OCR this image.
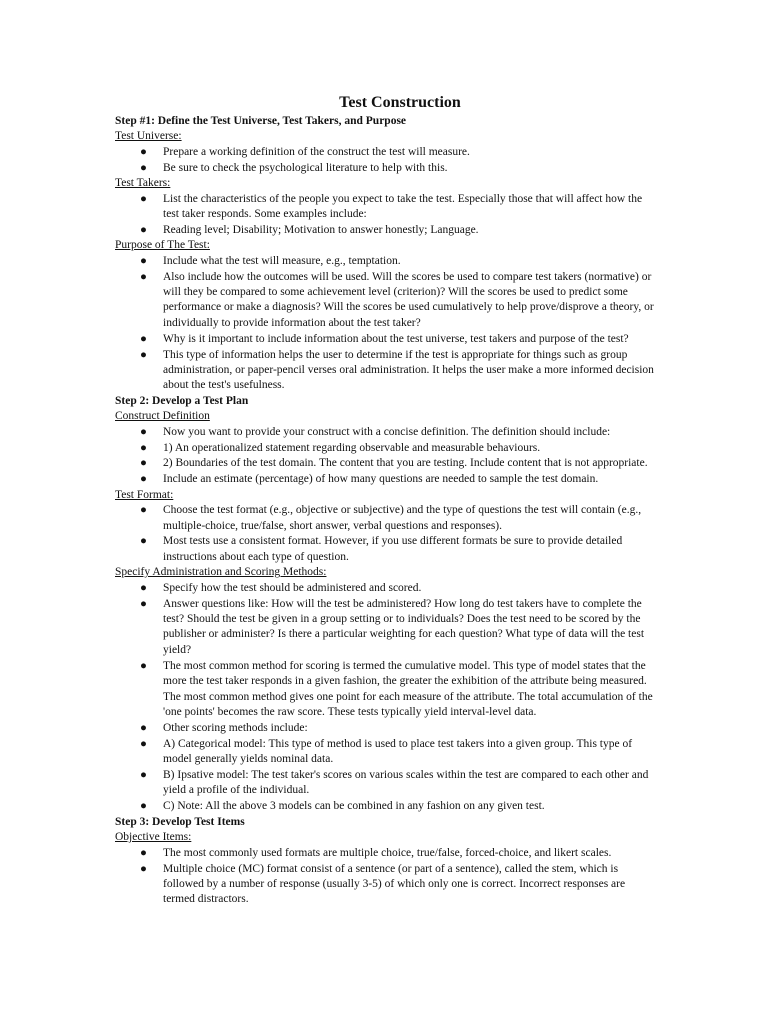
Test Construction
Step #1: Define the Test Universe, Test Takers, and Purpose
Test Universe:
● Prepare a working definition of the construct the test will measure.
● Be sure to check the psychological literature to help with this.
Test Takers:
● List the characteristics of the people you expect to take the test. Especially those that will affect how the test taker responds. Some examples include:
● Reading level; Disability; Motivation to answer honestly; Language.
Purpose of The Test:
● Include what the test will measure, e.g., temptation.
● Also include how the outcomes will be used. Will the scores be used to compare test takers (normative) or will they be compared to some achievement level (criterion)? Will the scores be used to predict some performance or make a diagnosis? Will the scores be used cumulatively to help prove/disprove a theory, or individually to provide information about the test taker?
● Why is it important to include information about the test universe, test takers and purpose of the test?
● This type of information helps the user to determine if the test is appropriate for things such as group administration, or paper-pencil verses oral administration. It helps the user make a more informed decision about the test's usefulness.
Step 2: Develop a Test Plan
Construct Definition
● Now you want to provide your construct with a concise definition. The definition should include:
● 1) An operationalized statement regarding observable and measurable behaviours.
● 2) Boundaries of the test domain. The content that you are testing. Include content that is not appropriate.
● Include an estimate (percentage) of how many questions are needed to sample the test domain.
Test Format:
● Choose the test format (e.g., objective or subjective) and the type of questions the test will contain (e.g., multiple-choice, true/false, short answer, verbal questions and responses).
● Most tests use a consistent format. However, if you use different formats be sure to provide detailed instructions about each type of question.
Specify Administration and Scoring Methods:
● Specify how the test should be administered and scored.
● Answer questions like: How will the test be administered? How long do test takers have to complete the test? Should the test be given in a group setting or to individuals? Does the test need to be scored by the publisher or administer? Is there a particular weighting for each question? What type of data will the test yield?
● The most common method for scoring is termed the cumulative model. This type of model states that the more the test taker responds in a given fashion, the greater the exhibition of the attribute being measured. The most common method gives one point for each measure of the attribute. The total accumulation of the 'one points' becomes the raw score. These tests typically yield interval-level data.
● Other scoring methods include:
● A) Categorical model: This type of method is used to place test takers into a given group. This type of model generally yields nominal data.
● B) Ipsative model: The test taker's scores on various scales within the test are compared to each other and yield a profile of the individual.
● C) Note: All the above 3 models can be combined in any fashion on any given test.
Step 3: Develop Test Items
Objective Items:
● The most commonly used formats are multiple choice, true/false, forced-choice, and likert scales.
● Multiple choice (MC) format consist of a sentence (or part of a sentence), called the stem, which is followed by a number of response (usually 3-5) of which only one is correct. Incorrect responses are termed distractors.
